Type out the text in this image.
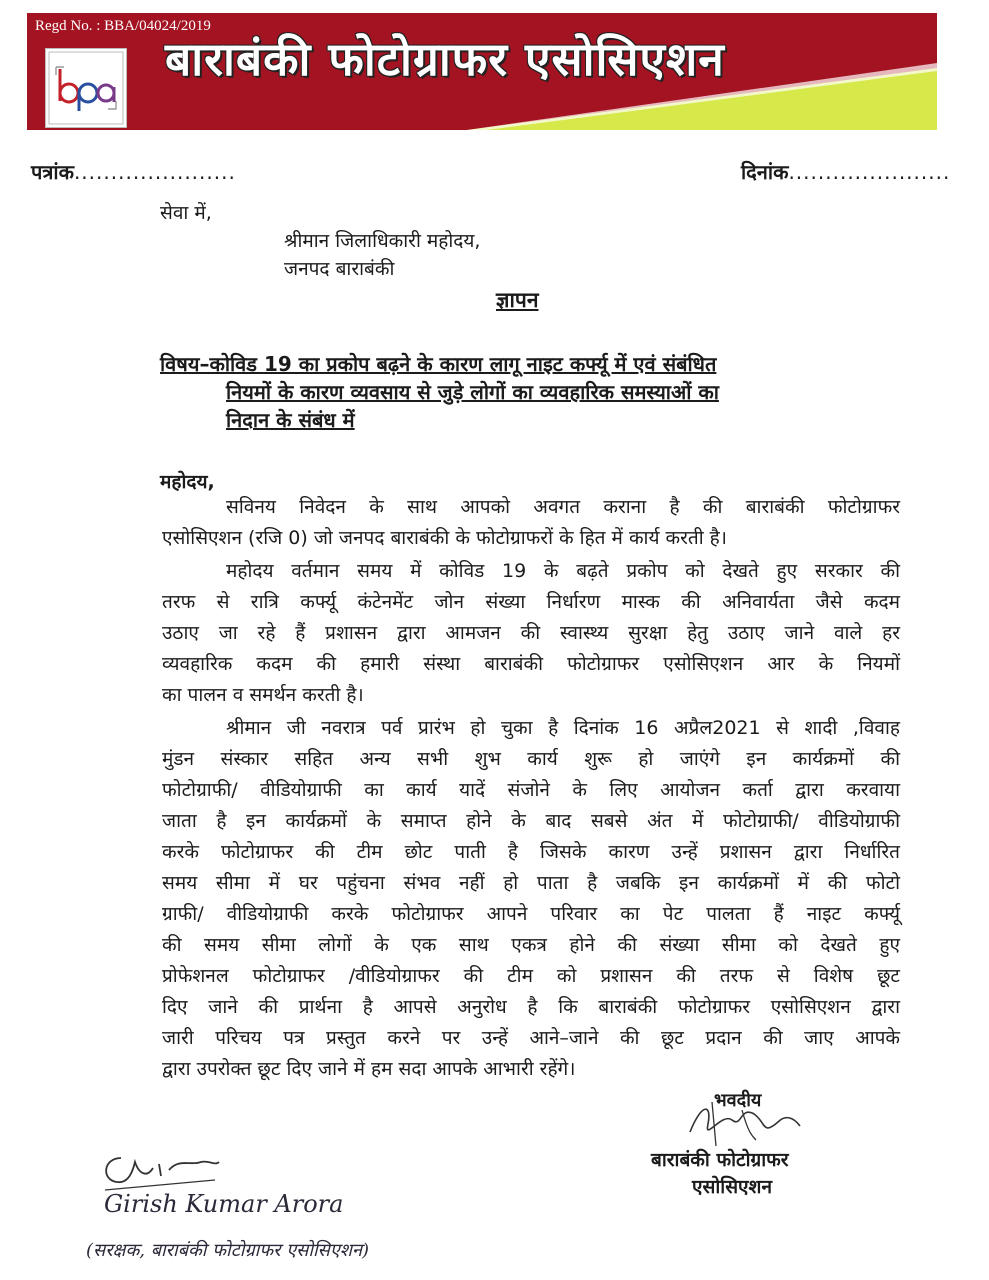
Regd No. : BBA/04024/2019
बाराबंकी फोटोग्राफर एसोसिएशन
पत्रांक......................	दिनांक......................
सेवा में,
श्रीमान जिलाधिकारी महोदय,
जनपद बाराबंकी
ज्ञापन
विषय–कोविड 19 का प्रकोप बढ़ने के कारण लागू नाइट कर्फ्यू में एवं संबंधित
नियमों के कारण व्यवसाय से जुड़े लोगों का व्यवहारिक समस्याओं का
निदान के संबंध में
महोदय,
सविनय निवेदन के साथ आपको अवगत कराना है की बाराबंकी फोटोग्राफर
एसोसिएशन (रजि 0) जो जनपद बाराबंकी के फोटोग्राफरों के हित में कार्य करती है।
महोदय वर्तमान समय में कोविड 19 के बढ़ते प्रकोप को देखते हुए सरकार की
तरफ से रात्रि कर्फ्यू कंटेनमेंट जोन संख्या निर्धारण मास्क की अनिवार्यता जैसे कदम
उठाए जा रहे हैं प्रशासन द्वारा आमजन की स्वास्थ्य सुरक्षा हेतु उठाए जाने वाले हर
व्यवहारिक कदम की हमारी संस्था बाराबंकी फोटोग्राफर एसोसिएशन आर के नियमों
का पालन व समर्थन करती है।
श्रीमान जी नवरात्र पर्व प्रारंभ हो चुका है दिनांक 16 अप्रैल2021 से शादी ,विवाह
मुंडन संस्कार सहित अन्य सभी शुभ कार्य शुरू हो जाएंगे इन कार्यक्रमों की
फोटोग्राफी/ वीडियोग्राफी का कार्य यादें संजोने के लिए आयोजन कर्ता द्वारा करवाया
जाता है इन कार्यक्रमों के समाप्त होने के बाद सबसे अंत में फोटोग्राफी/ वीडियोग्राफी
करके फोटोग्राफर की टीम छोट पाती है जिसके कारण उन्हें प्रशासन द्वारा निर्धारित
समय सीमा में घर पहुंचना संभव नहीं हो पाता है जबकि इन कार्यक्रमों में की फोटो
ग्राफी/ वीडियोग्राफी करके फोटोग्राफर आपने परिवार का पेट पालता हैं नाइट कर्फ्यू
की समय सीमा लोगों के एक साथ एकत्र होने की संख्या सीमा को देखते हुए
प्रोफेशनल फोटोग्राफर /वीडियोग्राफर की टीम को प्रशासन की तरफ से विशेष छूट
दिए जाने की प्रार्थना है आपसे अनुरोध है कि बाराबंकी फोटोग्राफर एसोसिएशन द्वारा
जारी परिचय पत्र प्रस्तुत करने पर उन्हें आने–जाने की छूट प्रदान की जाए आपके
द्वारा उपरोक्त छूट दिए जाने में हम सदा आपके आभारी रहेंगे।
भवदीय
बाराबंकी फोटोग्राफर
एसोसिएशन
Girish Kumar Arora
(सरक्षक, बाराबंकी फोटोग्राफर एसोसिएशन)
